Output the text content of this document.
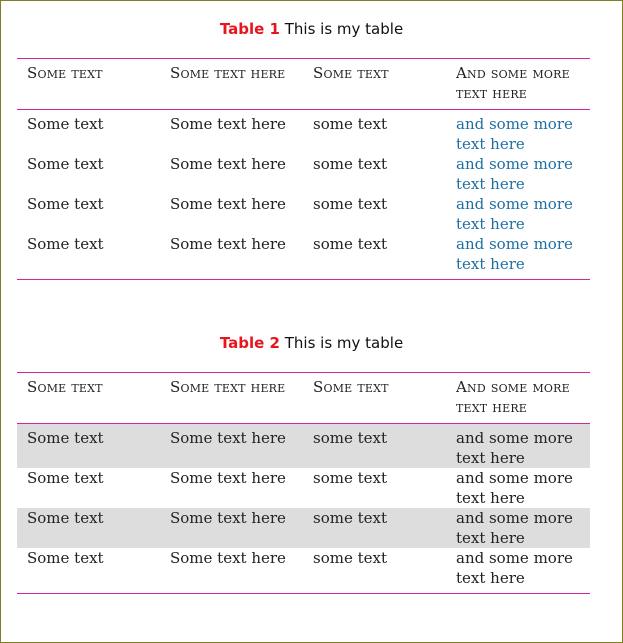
Table 1 This is my table
Some text	Some text here	Some text	And some more text here
Some text	Some text here	some text	and some more text here
Some text	Some text here	some text	and some more text here
Some text	Some text here	some text	and some more text here
Some text	Some text here	some text	and some more text here
Table 2 This is my table
Some text	Some text here	Some text	And some more text here
Some text	Some text here	some text	and some more text here
Some text	Some text here	some text	and some more text here
Some text	Some text here	some text	and some more text here
Some text	Some text here	some text	and some more text here
